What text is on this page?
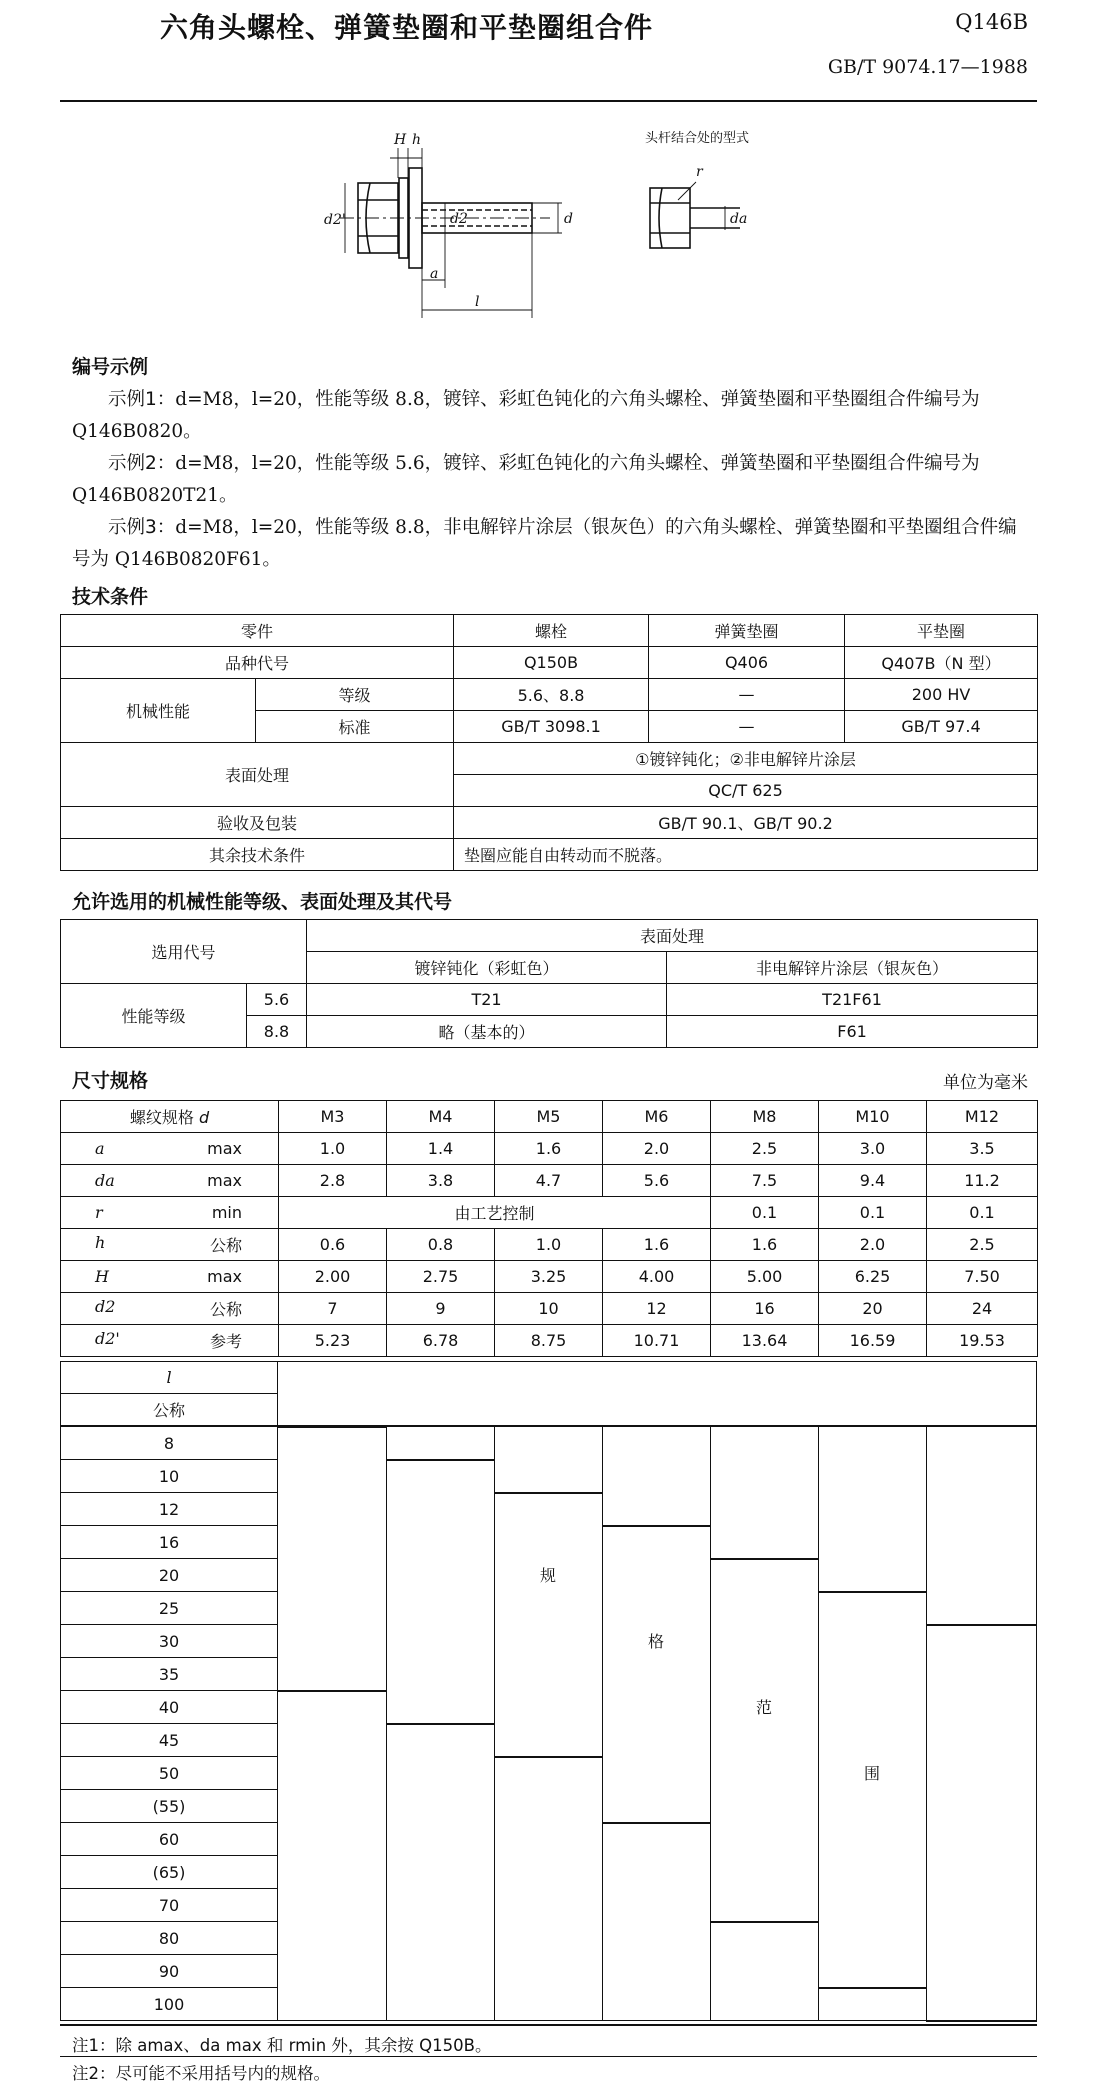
六角头螺栓、弹簧垫圈和平垫圈组合件	Q146B
GB/T 9074.17—1988
H h
a
l
d2'	d2	d
r
da
头杆结合处的型式
编号示例
示例1：d=M8，l=20，性能等级 8.8，镀锌、彩虹色钝化的六角头螺栓、弹簧垫圈和平垫圈组合件编号为 Q146B0820。
示例2：d=M8，l=20，性能等级 5.6，镀锌、彩虹色钝化的六角头螺栓、弹簧垫圈和平垫圈组合件编号为 Q146B0820T21。
示例3：d=M8，l=20，性能等级 8.8，非电解锌片涂层（银灰色）的六角头螺栓、弹簧垫圈和平垫圈组合件编号为 Q146B0820F61。
技术条件
零件		螺栓	弹簧垫圈	平垫圈
品种代号		Q150B	Q406	Q407B（N 型）
机械性能	等级	5.6、8.8	—	200 HV
	标准	GB/T 3098.1	—	GB/T 97.4
表面处理		①镀锌钝化；②非电解锌片涂层		
		QC/T 625		
验收及包装		GB/T 90.1、GB/T 90.2		
其余技术条件		垫圈应能自由转动而不脱落。		
允许选用的机械性能等级、表面处理及其代号
选用代号		表面处理	
		镀锌钝化（彩虹色）	非电解锌片涂层（银灰色）
性能等级	5.6	T21	T21F61
	8.8	略（基本的）	F61
尺寸规格	单位为毫米
螺纹规格 d	M3	M4	M5	M6	M8	M10	M12

a max	1.0	1.4	1.6	2.0	2.5	3.0	3.5

da max	2.8	3.8	4.7	5.6	7.5	9.4	11.2

r min	由工艺控制				0.1	0.1	0.1

h 公称	0.6	0.8	1.0	1.6	1.6	2.0	2.5

H max	2.00	2.75	3.25	4.00	5.00	6.25	7.50

d2 公称	7	9	10	12	16	20	24

d2' 参考	5.23	6.78	8.75	10.71	13.64	16.59	19.53
l
公称
8
10
12
16
20
25
30
35
40
45
50
(55)
60
(65)
70
80
90
100
规
格
范
围
注1：除 amax、da max 和 rmin 外，其余按 Q150B。
注2：尽可能不采用括号内的规格。
